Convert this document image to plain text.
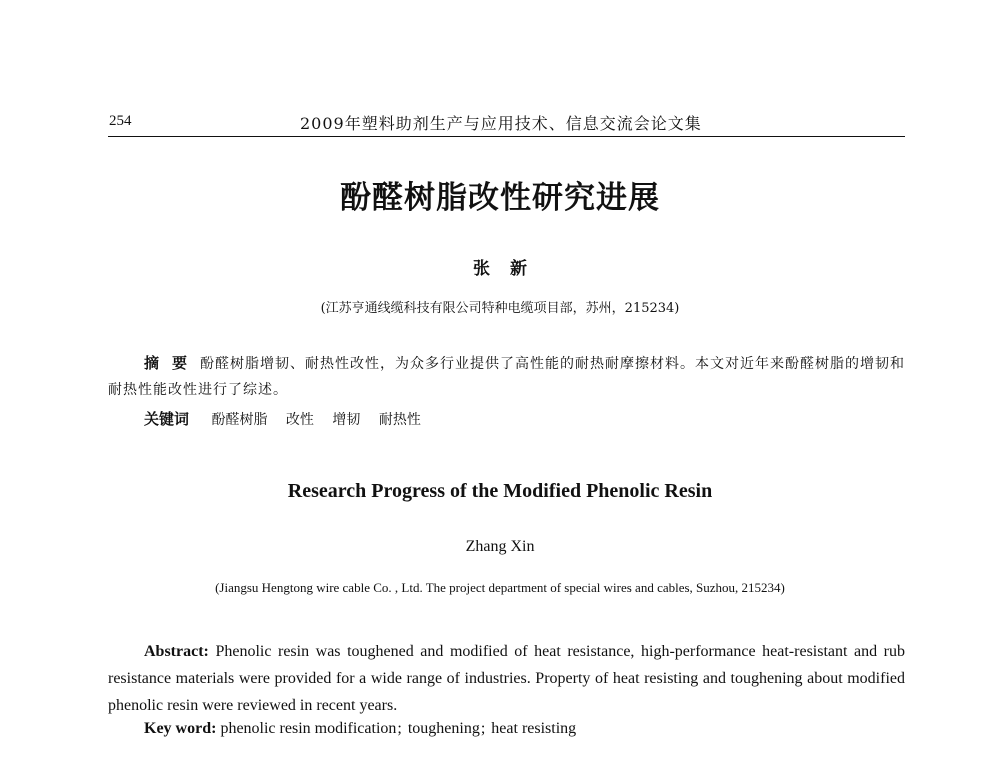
254	2009年塑料助剂生产与应用技术、信息交流会论文集
酚醛树脂改性研究进展
张新
(江苏亨通线缆科技有限公司特种电缆项目部，苏州，215234)

摘要酚醛树脂增韧、耐热性改性，为众多行业提供了高性能的耐热耐摩擦材料。本文对近年来酚醛树脂的增韧和耐热性能改性进行了综述。

关键词 酚醛树脂 改性 增韧 耐热性
Research Progress of the Modified Phenolic Resin
Zhang Xin
(Jiangsu Hengtong wire cable Co. , Ltd. The project department of special wires and cables, Suzhou, 215234)

Abstract: Phenolic resin was toughened and modified of heat resistance, high-performance heat-resistant and rub resistance materials were provided for a wide range of industries. Property of heat resisting and toughening about modified phenolic resin were reviewed in recent years.

Key word: phenolic resin modification; toughening; heat resisting
